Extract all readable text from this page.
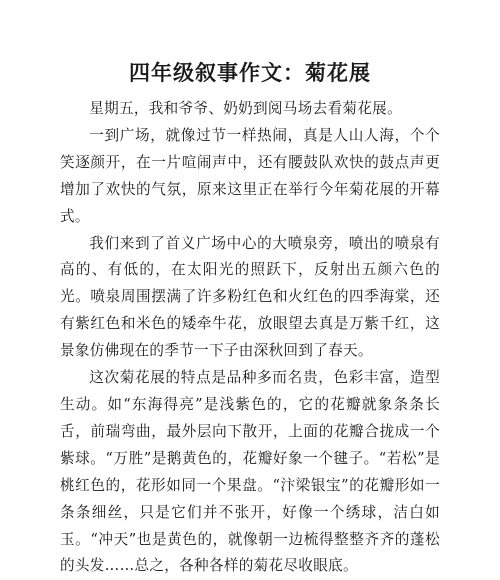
四年级叙事作文：菊花展

星期五，我和爷爷、奶奶到阅马场去看菊花展。

一到广场，就像过节一样热闹，真是人山人海，个个笑逐颜开，在一片喧闹声中，还有腰鼓队欢快的鼓点声更增加了欢快的气氛，原来这里正在举行今年菊花展的开幕式。

我们来到了首义广场中心的大喷泉旁，喷出的喷泉有高的、有低的，在太阳光的照跃下，反射出五颜六色的光。喷泉周围摆满了许多粉红色和火红色的四季海棠，还有紫红色和米色的矮牵牛花，放眼望去真是万紫千红，这景象仿佛现在的季节一下子由深秋回到了春天。

这次菊花展的特点是品种多而名贵，色彩丰富，造型生动。如“东海得亮”是浅紫色的，它的花瓣就象条条长舌，前瑞弯曲，最外层向下散开，上面的花瓣合拢成一个紫球。“万胜”是鹅黄色的，花瓣好象一个毽子。“若松”是桃红色的，花形如同一个果盘。“汴梁银宝”的花瓣形如一条条细丝，只是它们并不张开，好像一个绣球，洁白如玉。“冲天”也是黄色的，就像朝一边梳得整整齐齐的蓬松的头发……总之，各种各样的菊花尽收眼底。
